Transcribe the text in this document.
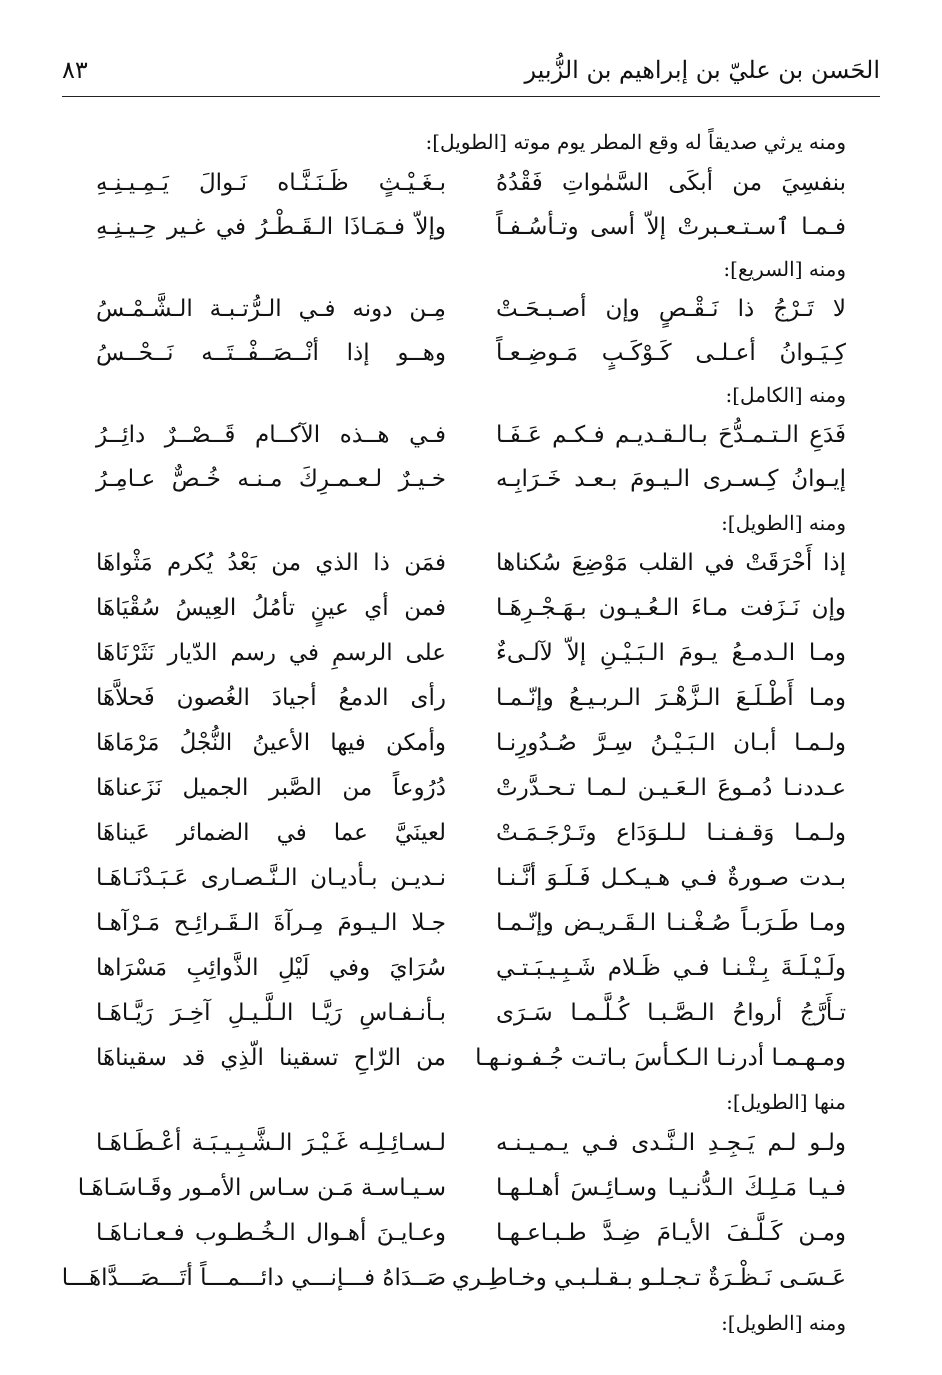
الحَسن بن عليّ بن إبراهيم بن الزُّبير
٨٣
ومنه يرثي صديقاً له وقع المطر يوم موته [الطويل]:
بنفسِيَ من أبكَى السَّمٰواتِ فَقْدُهُ
بـغَـيْـثٍ ظَـنَـنَّـاه نَـوالَ يَـمِـيـنِـهِ
فـمـا ٱسـتـعـبرتْ إلاّ أسى وتـأسُـفـاً
وإلاّ فـمَـاذَا الـقَـطْـرُ في غـير حِـيـنِـهِ
ومنه [السريع]:
لا تَـرْجُ ذا نَـقْـصٍ وإن أصـبـحَـتْ
مِـن دونه فـي الـرُّتـبـة الـشَّـمْـسُ
كِـيَـوانُ أعـلـى كَـوْكَـبٍ مَـوضِـعـاً
وهــو إذا أنْــصَــفْــتَــه نَــحْــسُ
ومنه [الكامل]:
فَدَعِ الـتـمـدُّحَ بـالـقـديـم فـكـم عَـفَـا
فـي هــذه الآكــام قَــصْــرٌ دائِــرُ
إيـوانُ كِـسـرى الـيـومَ بـعـد خَـرَابِـه
خـيـرٌ لـعـمـرِكَ مـنـه خُـصٌّ عـامِـرُ
ومنه [الطويل]:
إذا أَحْرَقَتْ في القلب مَوْضِعَ سُكناها
فمَن ذا الذي من بَعْدُ يُكرم مَثْواهَا
وإن نَـزَفت مـاءَ الـعُـيـون بـهَـجْـرِهَـا
فمن أي عينٍ تأمُلُ العِيسُ سُقْيَاهَا
ومـا الـدمـعُ يـومَ الـبَـيْـنِ إلاّ لآلـىءٌ
على الرسمِ في رسم الدّيار نَثَرْنَاهَا
ومـا أَطْـلَـعَ الـزَّهْـرَ الـربـيـعُ وإنّـمـا
رأى الدمعُ أجيادَ الغُصون فَحلاَّهَا
ولـمـا أبـان الـبَـيْـنُ سِـرَّ صُـدُورِنـا
وأمكن فيها الأعينُ النُّجْلُ مَرْمَاهَا
عـددنـا دُمـوعَ الـعَـيـن لـمـا تـحـدَّرتْ
دُرُوعاً من الصَّبر الجميل نَزَعناهَا
ولـمـا وَقـفـنـا لـلـوَدَاع وتَـرْجَـمَـتْ
لعينَيَّ عما في الضمائر عَيناهَا
بـدت صـورةٌ فـي هـيـكـل فَـلَـوَ أنَّـنـا
نـديـن بـأديـان الـنَّـصـارى عَـبَـدْنَـاهَـا
ومـا طَـرَبـاً صُـغْـنـا الـقَـريـض وإنّـمـا
جـلا الـيـومَ مِـرآةَ الـقَـرائِـح مَـرْآهـا
ولَـيْـلَـةَ بِـتْـنـا فـي ظَـلام شَـبِـيـبَـتـي
سُرَايَ وفي لَيْلِ الذَّوائِبِ مَسْرَاها
تـأَرَّجُ أرواحُ الـصَّـبـا كُـلَّـمـا سَـرَى
بـأنـفـاسِ رَيَّـا الـلَّـيـلِ آخِـرَ رَيَّـاهَـا
ومـهـمـا أدرنـا الـكـأسَ بـاتـت جُـفـونـهـا
من الرّاحِ تسقينا الّذِي قد سقيناهَا
منها [الطويل]:
ولـو لـم يَـجِـدِ الـنَّـدى فـي يـمـيـنـه
لـسـائِـلِـه غَـيْـرَ الـشَّـبِـيـبَـة أعْـطَـاهَـا
فـيـا مَـلِـكَ الـدُّنـيـا وسـائِـسَ أهـلـهـا
سـيـاسـة مَـن سـاس الأمـور وقَـاسَـاهَـا
ومـن كَـلَّـفَ الأيـامَ ضِـدَّ طـبـاعـهـا
وعـايـنَ أهـوال الـخُـطـوب فـعـانـاهَـا
عَـسَـى نَـظْـرَةٌ تـجـلـو بـقـلـبـي وخـاطِـري
صَــدَاهُ فـــإنـــي دائـــمـــاً أتَـــصَـــدَّاهَـــا
ومنه [الطويل]:
